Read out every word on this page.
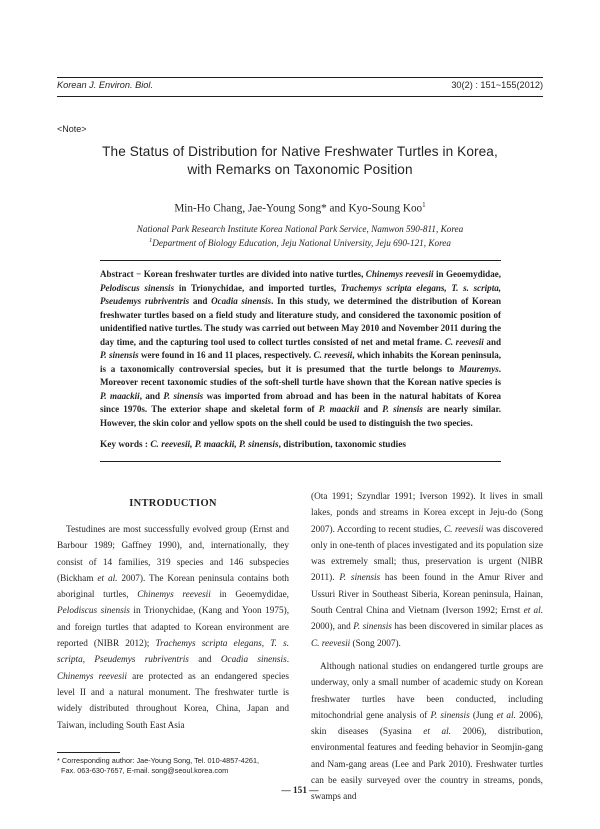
Korean J. Environ. Biol.	30(2) : 151~155(2012)
<Note>
The Status of Distribution for Native Freshwater Turtles in Korea,
with Remarks on Taxonomic Position
Min-Ho Chang, Jae-Young Song* and Kyo-Soung Koo$^1$
National Park Research Institute Korea National Park Service, Namwon 590-811, Korea
$^1$Department of Biology Education, Jeju National University, Jeju 690-121, Korea
Abstract − Korean freshwater turtles are divided into native turtles, Chinemys reevesii in Geoemydidae, Pelodiscus sinensis in Trionychidae, and imported turtles, Trachemys scripta elegans, T. s. scripta, Pseudemys rubriventris and Ocadia sinensis. In this study, we determined the distribution of Korean freshwater turtles based on a field study and literature study, and considered the taxonomic position of unidentified native turtles. The study was carried out between May 2010 and November 2011 during the day time, and the capturing tool used to collect turtles consisted of net and metal frame. C. reevesii and P. sinensis were found in 16 and 11 places, respectively. C. reevesii, which inhabits the Korean peninsula, is a taxonomically controversial species, but it is presumed that the turtle belongs to Mauremys. Moreover recent taxonomic studies of the soft-shell turtle have shown that the Korean native species is P. maackii, and P. sinensis was imported from abroad and has been in the natural habitats of Korea since 1970s. The exterior shape and skeletal form of P. maackii and P. sinensis are nearly similar. However, the skin color and yellow spots on the shell could be used to distinguish the two species.
Key words : C. reevesii, P. maackii, P. sinensis, distribution, taxonomic studies
INTRODUCTION

Testudines are most successfully evolved group (Ernst and Barbour 1989; Gaffney 1990), and, internationally, they consist of 14 families, 319 species and 146 subspecies (Bickham et al. 2007). The Korean peninsula contains both aboriginal turtles, Chinemys reevesii in Geoemydidae, Pelodiscus sinensis in Trionychidae, (Kang and Yoon 1975), and foreign turtles that adapted to Korean environment are reported (NIBR 2012); Trachemys scripta elegans, T. s. scripta, Pseudemys rubriventris and Ocadia sinensis. Chinemys reevesii are protected as an endangered species level II and a natural monument. The freshwater turtle is widely distributed throughout Korea, China, Japan and Taiwan, including South East Asia

(Ota 1991; Szyndlar 1991; Iverson 1992). It lives in small lakes, ponds and streams in Korea except in Jeju-do (Song 2007). According to recent studies, C. reevesii was discovered only in one-tenth of places investigated and its population size was extremely small; thus, preservation is urgent (NIBR 2011). P. sinensis has been found in the Amur River and Ussuri River in Southeast Siberia, Korean peninsula, Hainan, South Central China and Vietnam (Iverson 1992; Ernst et al. 2000), and P. sinensis has been discovered in similar places as C. reevesii (Song 2007).

Although national studies on endangered turtle groups are underway, only a small number of academic study on Korean freshwater turtles have been conducted, including mitochondrial gene analysis of P. sinensis (Jung et al. 2006), skin diseases (Syasina et al. 2006), distribution, environmental features and feeding behavior in Seomjin-gang and Nam-gang areas (Lee and Park 2010). Freshwater turtles can be easily surveyed over the country in streams, ponds, swamps and

* Corresponding author: Jae-Young Song, Tel. 010-4857-4261,
Fax. 063-630-7657, E-mail. song@seoul.korea.com
— 151 —
